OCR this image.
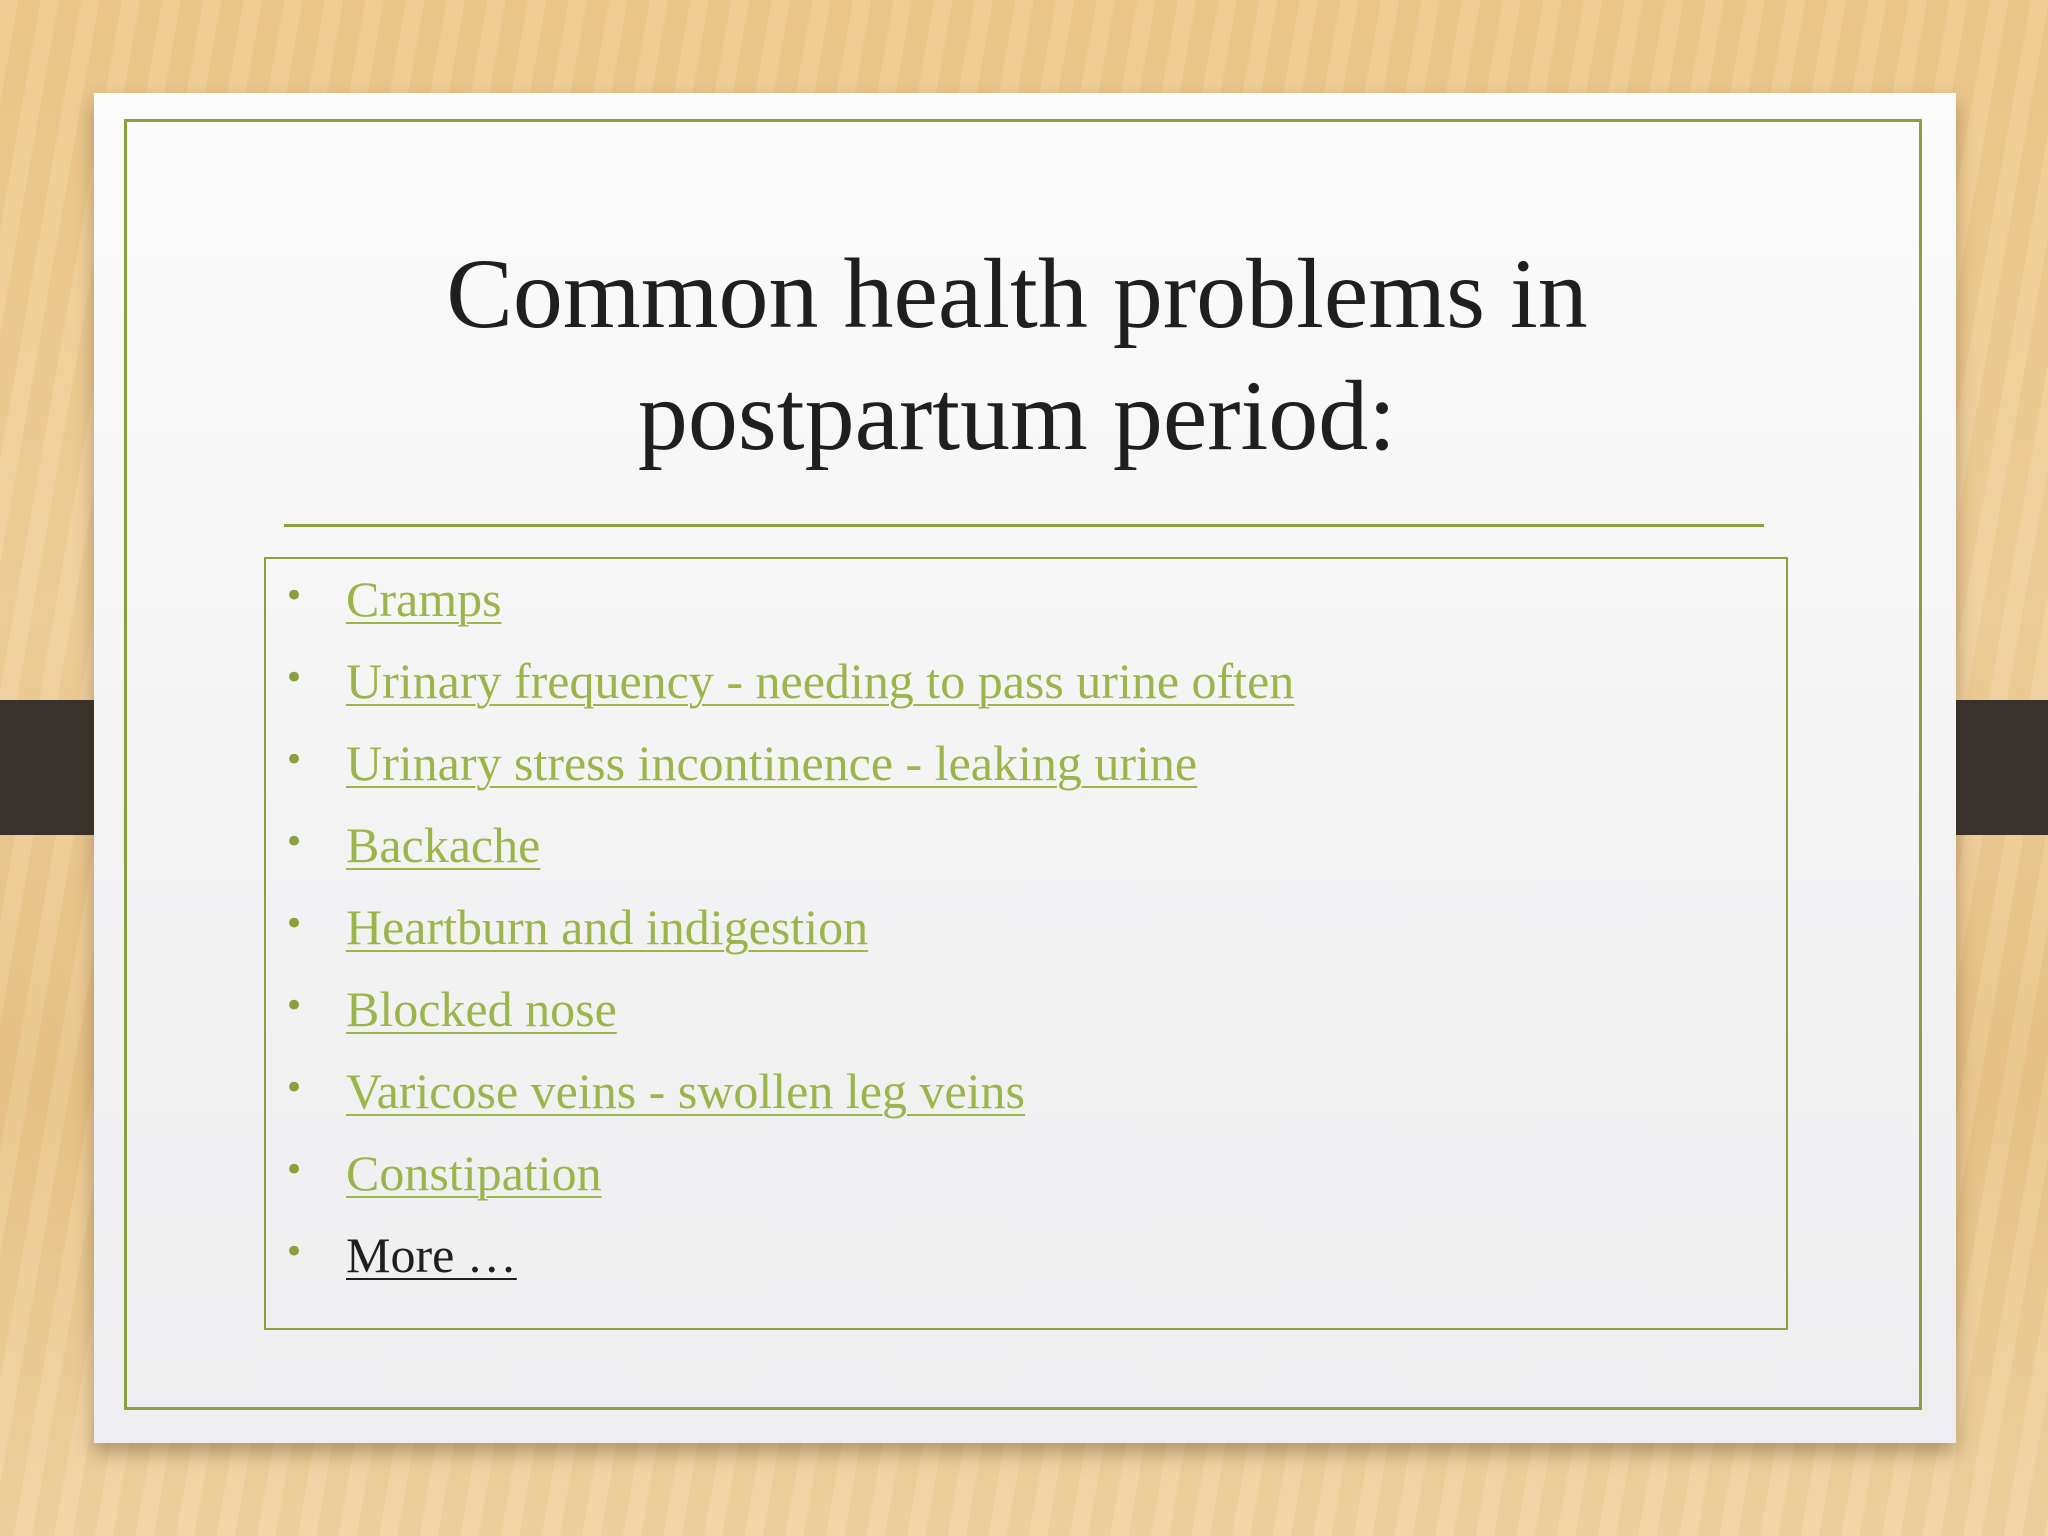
Common health problems in postpartum period:
• Cramps
• Urinary frequency - needing to pass urine often
• Urinary stress incontinence - leaking urine
• Backache
• Heartburn and indigestion
• Blocked nose
• Varicose veins - swollen leg veins
• Constipation
• More …
